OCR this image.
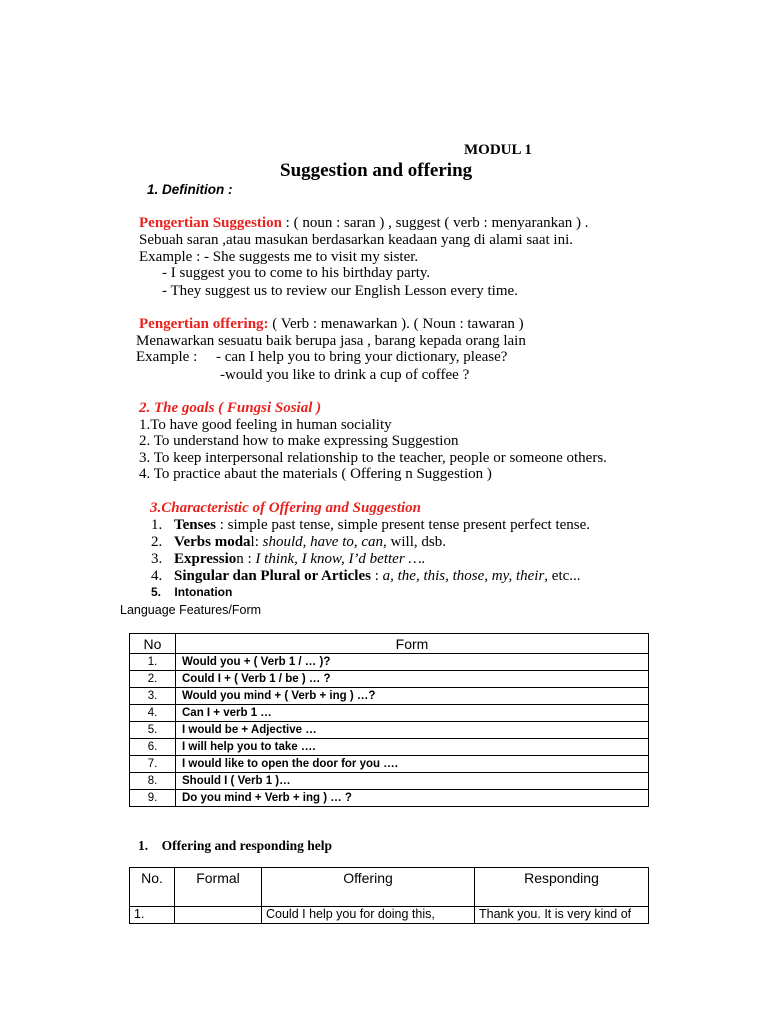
MODUL 1
Suggestion and offering
1. Definition :
Pengertian Suggestion : ( noun : saran ) , suggest ( verb : menyarankan ) .
Sebuah saran ,atau masukan berdasarkan keadaan yang di alami saat ini.
Example : - She suggests me to visit my sister.
- I suggest you to come to his birthday party.
- They suggest us to review our English Lesson every time.
Pengertian offering: ( Verb : menawarkan ). ( Noun : tawaran )
Menawarkan sesuatu baik berupa jasa , barang kepada orang lain
Example :     - can I help you to bring your dictionary, please?
-would you like to drink a cup of coffee ?
2. The goals ( Fungsi Sosial )
1.To have good feeling in human sociality
2. To understand how to make expressing Suggestion
3. To keep interpersonal relationship to the teacher, people or someone others.
4. To practice abaut the materials ( Offering n Suggestion )
3.Characteristic of Offering and Suggestion
1. Tenses : simple past tense, simple present tense present perfect tense.
2. Verbs modal: should, have to, can, will, dsb.
3. Expression : I think, I know, I’d better ….
4. Singular dan Plural or Articles : a, the, this, those, my, their, etc...
5. Intonation
Language Features/Form
No	Form
1.	Would you + ( Verb 1 / … )?
2.	Could I + ( Verb 1 / be ) … ?
3.	Would you mind + ( Verb + ing ) …?
4.	Can I + verb 1 …
5.	I would be + Adjective …
6.	I will help you to take ….
7.	I would like to open the door for you ….
8.	Should I ( Verb 1 )…
9.	Do you mind + Verb + ing ) … ?
1.    Offering and responding help
No.	Formal	Offering	Responding
1.		Could I help you for doing this,	Thank you. It is very kind of
